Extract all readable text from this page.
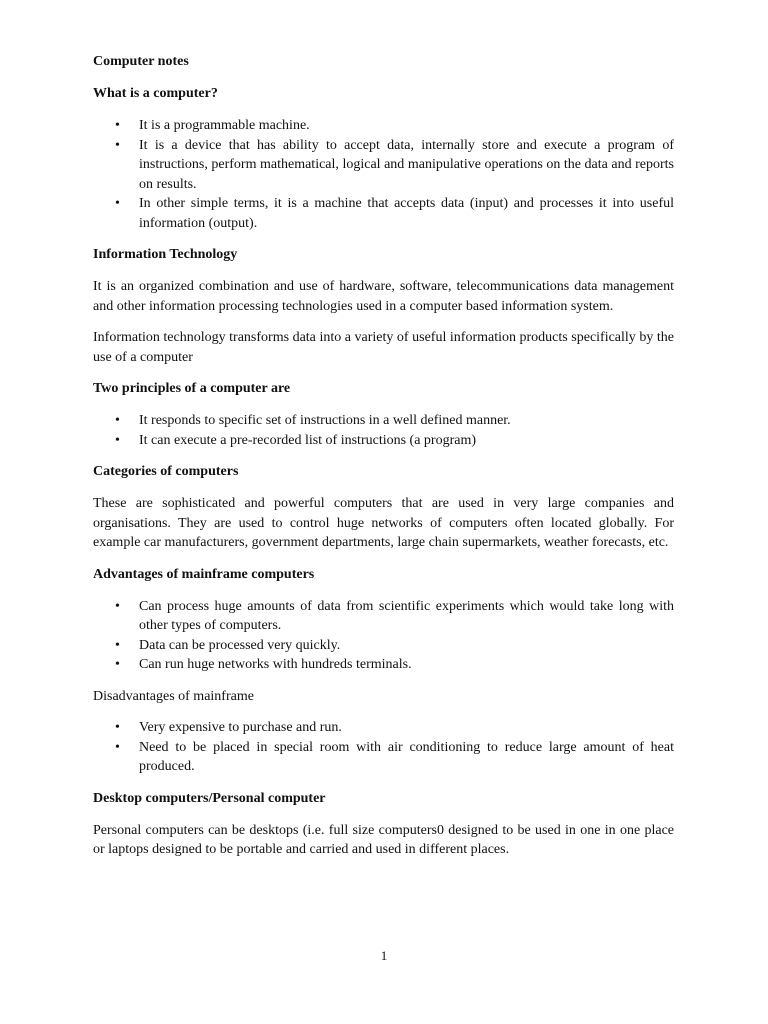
Computer notes
What is a computer?
• It is a programmable machine.
• It is a device that has ability to accept data, internally store and execute a program of instructions, perform mathematical, logical and manipulative operations on the data and reports on results.
• In other simple terms, it is a machine that accepts data (input) and processes it into useful information (output).
Information Technology

It is an organized combination and use of hardware, software, telecommunications data management and other information processing technologies used in a computer based information system.

Information technology transforms data into a variety of useful information products specifically by the use of a computer

Two principles of a computer are
• It responds to specific set of instructions in a well defined manner.
• It can execute a pre-recorded list of instructions (a program)
Categories of computers

These are sophisticated and powerful computers that are used in very large companies and organisations. They are used to control huge networks of computers often located globally. For example car manufacturers, government departments, large chain supermarkets, weather forecasts, etc.

Advantages of mainframe computers
• Can process huge amounts of data from scientific experiments which would take long with other types of computers.
• Data can be processed very quickly.
• Can run huge networks with hundreds terminals.

Disadvantages of mainframe

• Very expensive to purchase and run.
• Need to be placed in special room with air conditioning to reduce large amount of heat produced.
Desktop computers/Personal computer

Personal computers can be desktops (i.e. full size computers0 designed to be used in one in one place or laptops designed to be portable and carried and used in different places.

1
